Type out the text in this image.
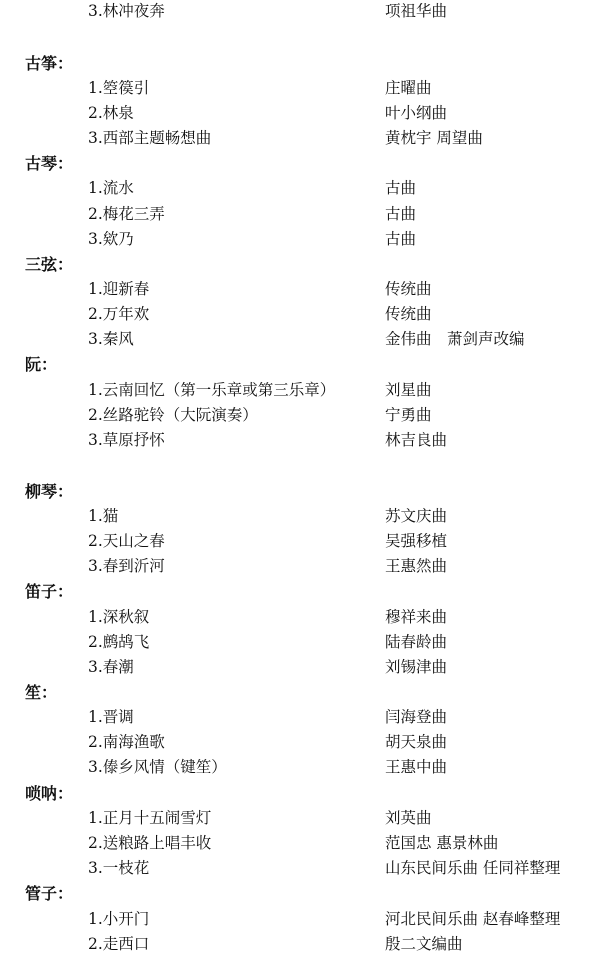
3.林冲夜奔	项祖华曲
古筝：
1.箜篌引	庄曜曲
2.林泉	叶小纲曲
3.西部主题畅想曲	黄枕宇 周望曲
古琴：
1.流水	古曲
2.梅花三弄	古曲
3.欸乃	古曲
三弦：
1.迎新春	传统曲
2.万年欢	传统曲
3.秦风	金伟曲　萧剑声改编
阮：
1.云南回忆（第一乐章或第三乐章）	刘星曲
2.丝路驼铃（大阮演奏）	宁勇曲
3.草原抒怀	林吉良曲
柳琴：
1.猫	苏文庆曲
2.天山之春	吴强移植
3.春到沂河	王惠然曲
笛子：
1.深秋叙	穆祥来曲
2.鹧鸪飞	陆春龄曲
3.春潮	刘锡津曲
笙：
1.晋调	闫海登曲
2.南海渔歌	胡天泉曲
3.傣乡风情（键笙）	王惠中曲
唢呐：
1.正月十五闹雪灯	刘英曲
2.送粮路上唱丰收	范国忠 惠景林曲
3.一枝花	山东民间乐曲 任同祥整理
管子：
1.小开门	河北民间乐曲 赵春峰整理
2.走西口	殷二文编曲
